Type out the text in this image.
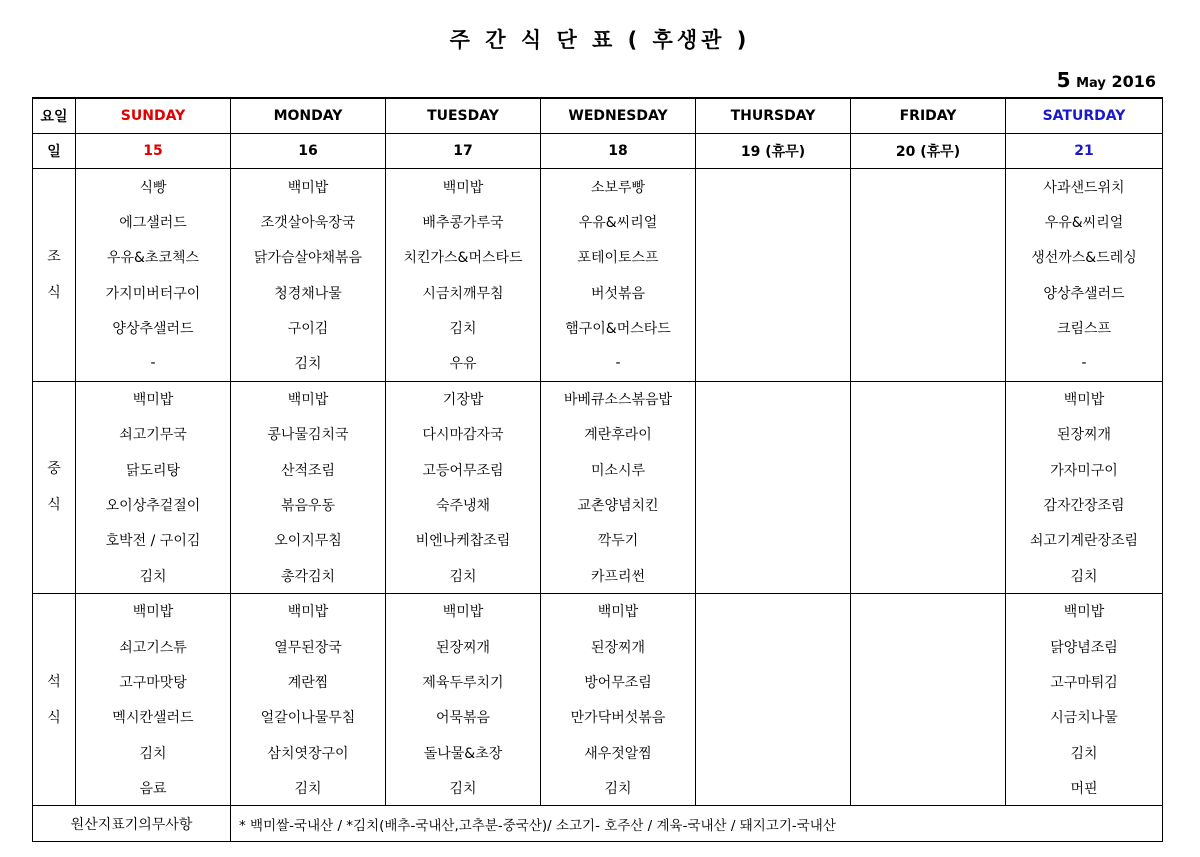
주 간 식 단 표 ( 후생관 )
5 May 2016
요일	SUNDAY	MONDAY	TUESDAY	WEDNESDAY	THURSDAY	FRIDAY	SATURDAY
일	15	16	17	18	19 (휴무)	20 (휴무)	21

조
식	식빵	백미밥	백미밥	소보루빵			사과샌드위치
	에그샐러드	조갯살아욱장국	배추콩가루국	우유&씨리얼			우유&씨리얼
	우유&초코첵스	닭가슴살야채볶음	치킨가스&머스타드	포테이토스프			생선까스&드레싱
	가지미버터구이	청경채나물	시금치깨무침	버섯볶음			양상추샐러드
	양상추샐러드	구이김	김치	햄구이&머스타드			크림스프
	-	김치	우유	-			-

중
식	백미밥	백미밥	기장밥	바베큐소스볶음밥			백미밥
	쇠고기무국	콩나물김치국	다시마감자국	계란후라이			된장찌개
	닭도리탕	산적조림	고등어무조림	미소시루			가자미구이
	오이상추겉절이	볶음우동	숙주냉채	교촌양념치킨			감자간장조림
	호박전 / 구이김	오이지무침	비엔나케찹조림	깍두기			쇠고기계란장조림
	김치	총각김치	김치	카프리썬			김치

석
식	백미밥	백미밥	백미밥	백미밥			백미밥
	쇠고기스튜	열무된장국	된장찌개	된장찌개			닭양념조림
	고구마맛탕	계란찜	제육두루치기	방어무조림			고구마튀김
	멕시칸샐러드	얼갈이나물무침	어묵볶음	만가닥버섯볶음			시금치나물
	김치	삼치엿장구이	돌나물&초장	새우젓알찜			김치
	음료	김치	김치	김치			머핀
원산지표기의무사항		* 백미쌀-국내산 / *김치(배추-국내산,고추분-중국산)/ 소고기- 호주산 / 계육-국내산 / 돼지고기-국내산					
